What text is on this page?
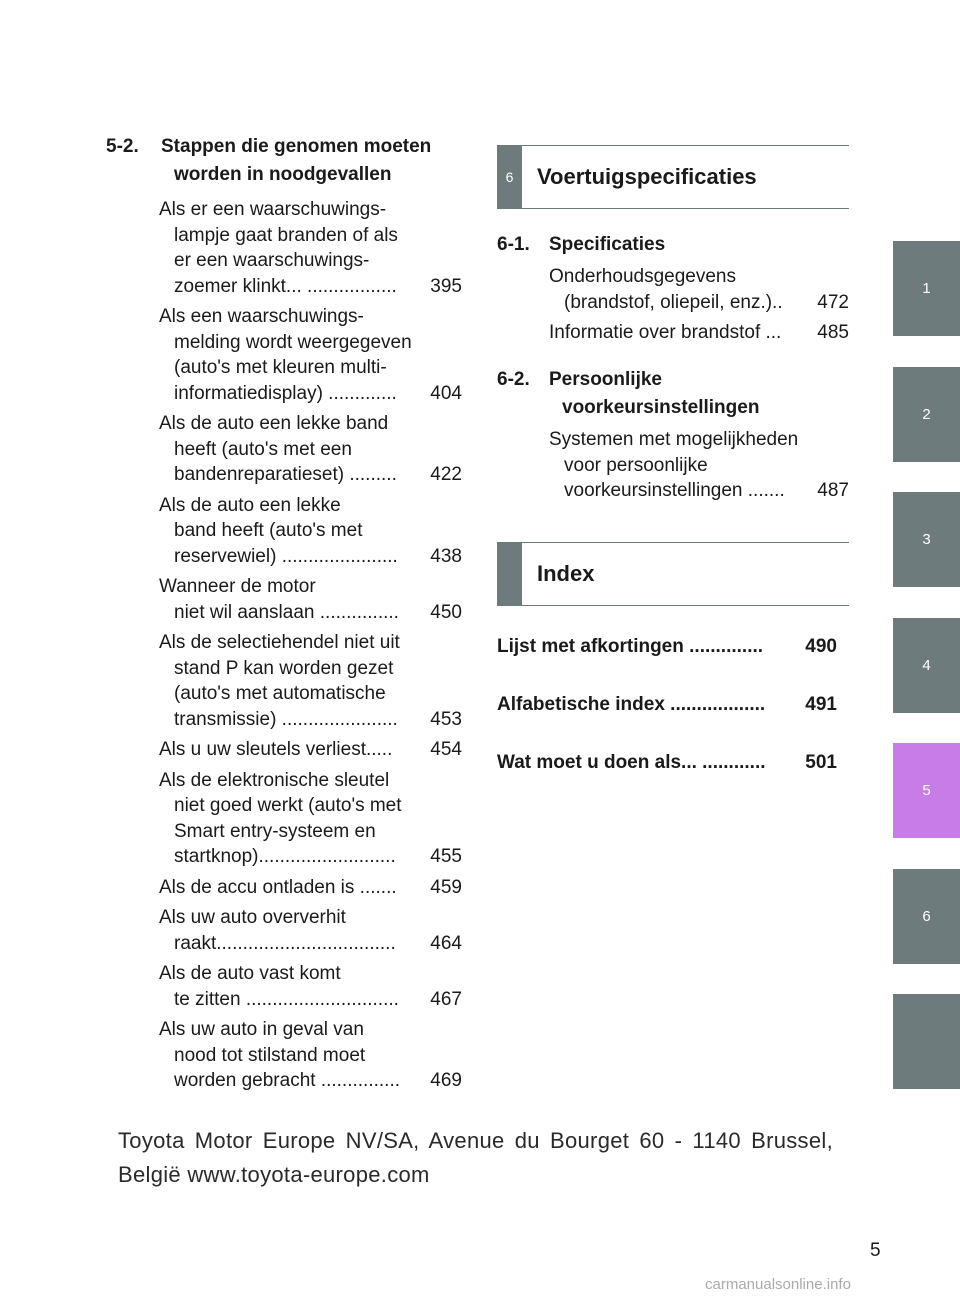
5-2.	Stappen die genomen moeten
worden in noodgevallen
Als er een waarschuwings-
lampje gaat branden of als
er een waarschuwings-
zoemer klinkt... .................	395
Als een waarschuwings-
melding wordt weergegeven
(auto's met kleuren multi-
informatiedisplay) .............	404
Als de auto een lekke band
heeft (auto's met een
bandenreparatieset) .........	422
Als de auto een lekke
band heeft (auto's met
reservewiel) ......................	438
Wanneer de motor
niet wil aanslaan ...............	450
Als de selectiehendel niet uit
stand P kan worden gezet
(auto's met automatische
transmissie) ......................	453
Als u uw sleutels verliest.....	454
Als de elektronische sleutel
niet goed werkt (auto's met
Smart entry-systeem en
startknop)..........................	455
Als de accu ontladen is .......	459
Als uw auto oververhit
raakt..................................	464
Als de auto vast komt
te zitten .............................	467
Als uw auto in geval van
nood tot stilstand moet
worden gebracht ...............	469
6	Voertuigspecificaties
6-1.	Specificaties
Onderhoudsgegevens
(brandstof, oliepeil, enz.)..	472
Informatie over brandstof ...	485
6-2.	Persoonlijke
voorkeursinstellingen
Systemen met mogelijkheden
voor persoonlijke
voorkeursinstellingen .......	487
Index
Lijst met afkortingen .............. 490
Alfabetische index .................. 491
Wat moet u doen als... ............ 501
1
2
3
4
5
6
Toyota Motor Europe NV/SA, Avenue du Bourget 60 - 1140 Brussel,
België www.toyota-europe.com
5
carmanualsonline.info
